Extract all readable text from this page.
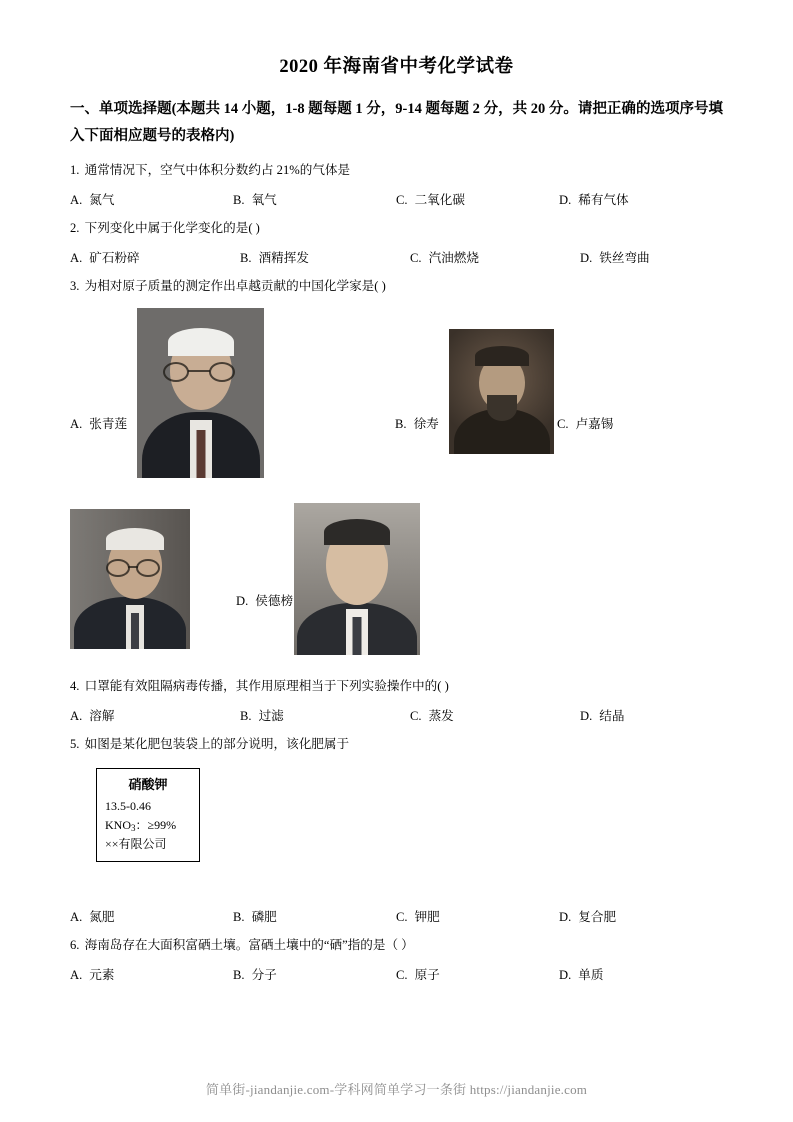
2020 年海南省中考化学试卷
一、单项选择题(本题共 14 小题，1-8 题每题 1 分，9-14 题每题 2 分，共 20 分。请把正确的选项序号填入下面相应题号的表格内)
1. 通常情况下，空气中体积分数约占 21%的气体是
A. 氮气	B. 氧气	C. 二氧化碳	D. 稀有气体
2. 下列变化中属于化学变化的是( )
A. 矿石粉碎	B. 酒精挥发	C. 汽油燃烧	D. 铁丝弯曲
3. 为相对原子质量的测定作出卓越贡献的中国化学家是( )
A. 张青莲	B. 徐寿	C. 卢嘉锡
D. 侯德榜
4. 口罩能有效阻隔病毒传播，其作用原理相当于下列实验操作中的( )
A. 溶解	B. 过滤	C. 蒸发	D. 结晶
5. 如图是某化肥包装袋上的部分说明，该化肥属于
硝酸钾
13.5-0.46
$KNO_3$：≥99%
××有限公司
A. 氮肥	B. 磷肥	C. 钾肥	D. 复合肥
6. 海南岛存在大面积富硒土壤。富硒土壤中的“硒”指的是（ ）
A. 元素	B. 分子	C. 原子	D. 单质
简单街-jiandanjie.com-学科网简单学习一条街 https://jiandanjie.com
